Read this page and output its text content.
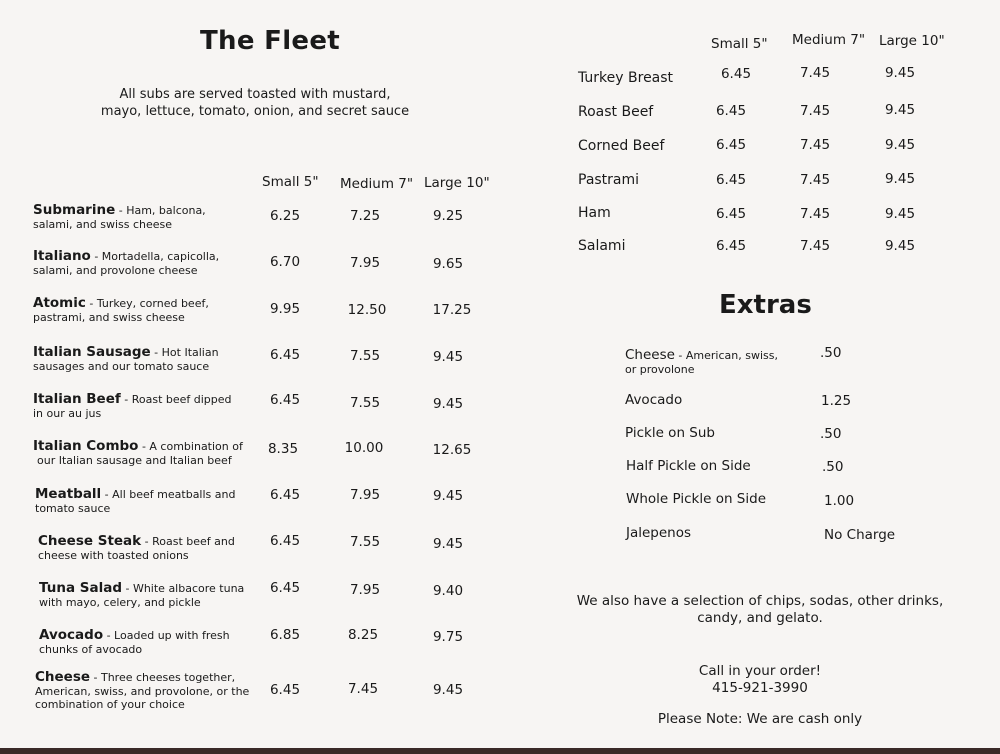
The Fleet
All subs are served toasted with mustard,
mayo, lettuce, tomato, onion, and secret sauce
Small 5" Medium 7" Large 10"
Submarine - Ham, balcona,
salami, and swiss cheese
6.25	7.25	9.25
Italiano - Mortadella, capicolla,
salami, and provolone cheese
6.70	7.95	9.65
Atomic - Turkey, corned beef,
pastrami, and swiss cheese
9.95	12.50	17.25
Italian Sausage - Hot Italian
sausages and our tomato sauce
6.45	7.55	9.45
Italian Beef - Roast beef dipped
in our au jus
6.45	7.55	9.45
Italian Combo - A combination of
our Italian sausage and Italian beef
8.35	10.00	12.65
Meatball - All beef meatballs and
tomato sauce
6.45	7.95	9.45
Cheese Steak - Roast beef and
cheese with toasted onions
6.45	7.55	9.45
Tuna Salad - White albacore tuna
with mayo, celery, and pickle
6.45	7.95	9.40
Avocado - Loaded up with fresh
chunks of avocado
6.85	8.25	9.75
Cheese - Three cheeses together,
American, swiss, and provolone, or the
combination of your choice
6.45	7.45	9.45
Small 5" Medium 7" Large 10"
Turkey Breast	6.45	7.45	9.45
Roast Beef	6.45	7.45	9.45
Corned Beef	6.45	7.45	9.45
Pastrami	6.45	7.45	9.45
Ham	6.45	7.45	9.45
Salami	6.45	7.45	9.45
Extras
Cheese - American, swiss,
or provolone
.50
Avocado	1.25
Pickle on Sub	.50
Half Pickle on Side	.50
Whole Pickle on Side	1.00
Jalepenos	No Charge
We also have a selection of chips, sodas, other drinks,
candy, and gelato.
Call in your order!
415-921-3990
Please Note: We are cash only
